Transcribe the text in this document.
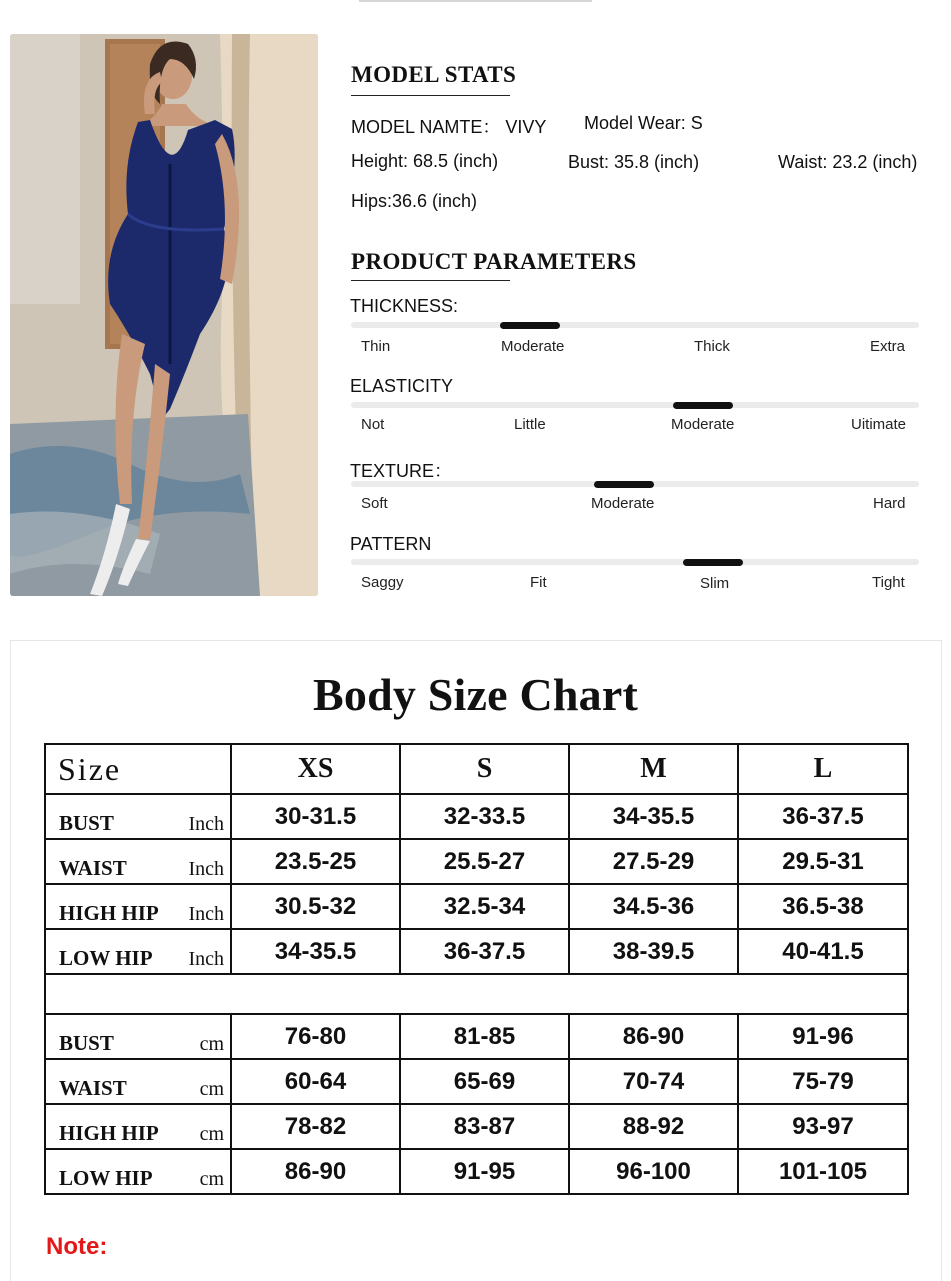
MODEL STATS
MODEL NAMTE： VIVY Model Wear: S
Height: 68.5 (inch)	Bust: 35.8 (inch)	Waist: 23.2 (inch)
Hips:36.6 (inch)
PRODUCT PARAMETERS
THICKNESS:
Thin	Moderate	Thick	Extra
ELASTICITY
Not	Little	Moderate	Uitimate
TEXTURE：
Soft	Moderate	Hard
PATTERN
Saggy	Fit	Slim	Tight
Body Size Chart
Size	XS	S	M	L

BUST Inch	30-31.5	32-33.5	34-35.5	36-37.5

WAIST Inch	23.5-25	25.5-27	27.5-29	29.5-31

HIGH HIP Inch	30.5-32	32.5-34	34.5-36	36.5-38

LOW HIP Inch	34-35.5	36-37.5	38-39.5	40-41.5

BUST cm	76-80	81-85	86-90	91-96

WAIST cm	60-64	65-69	70-74	75-79

HIGH HIP cm	78-82	83-87	88-92	93-97

LOW HIP cm	86-90	91-95	96-100	101-105
Note:
